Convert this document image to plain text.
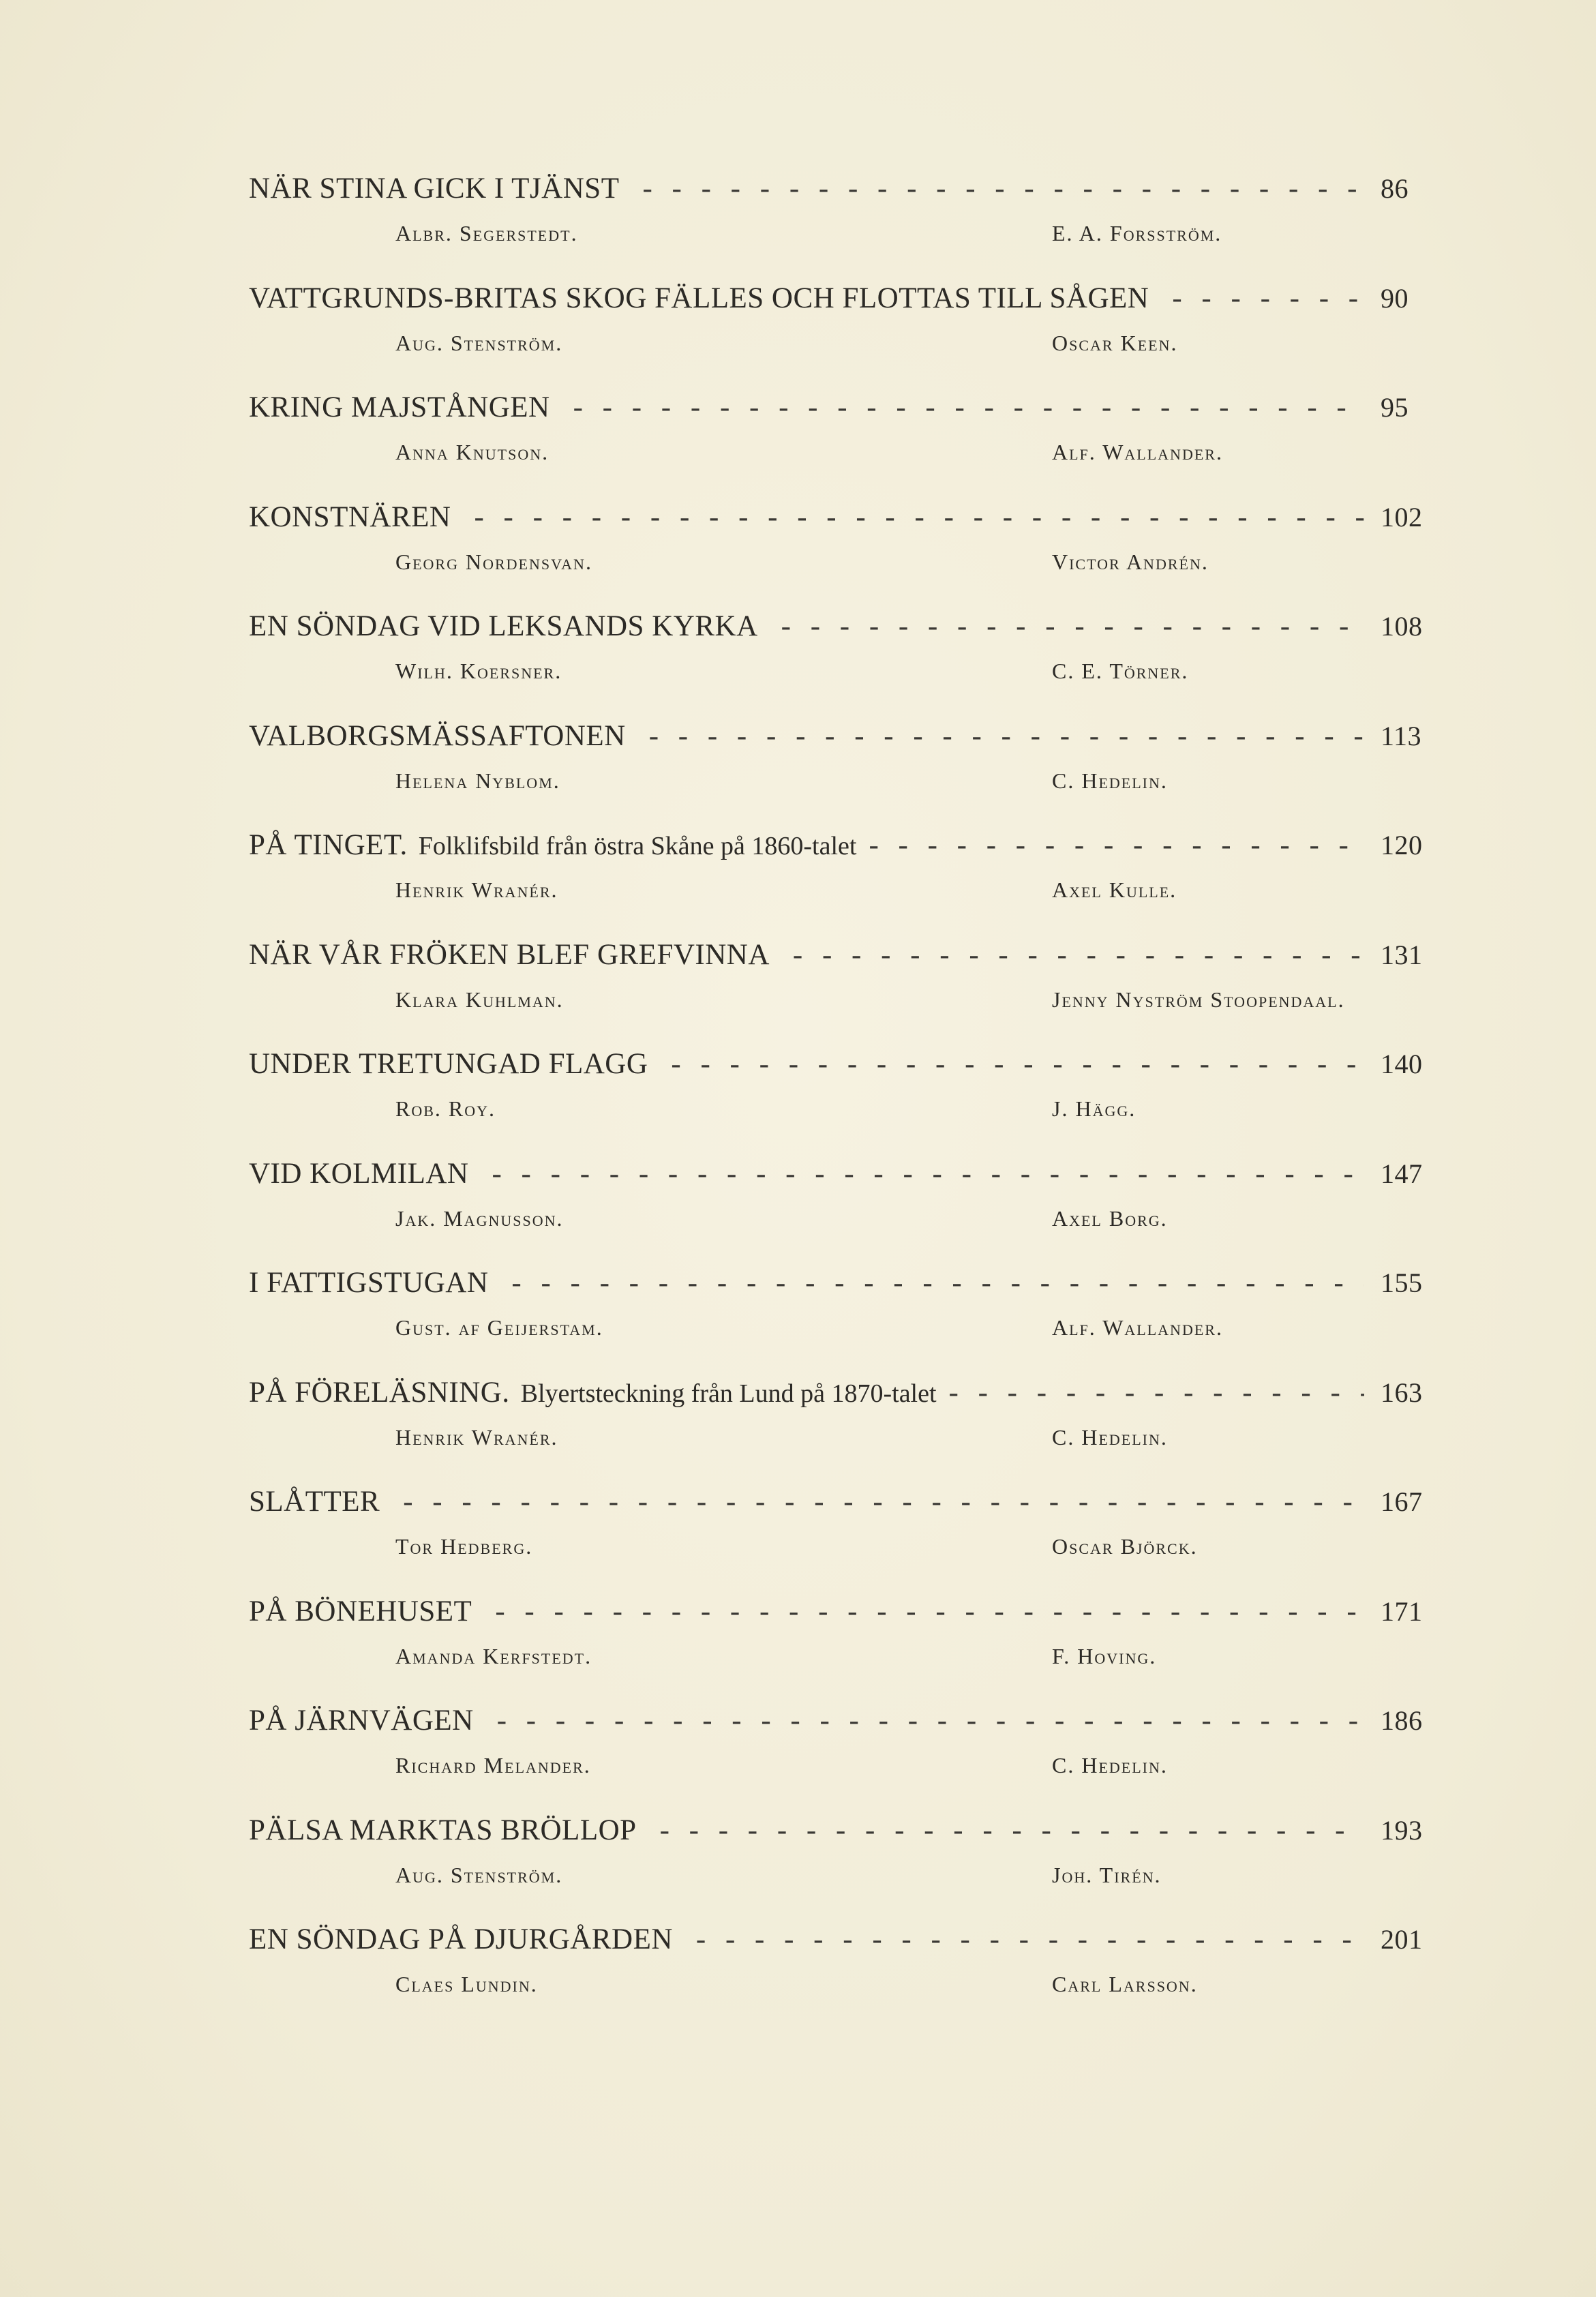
NÄR STINA GICK I TJÄNST - - -	86
Albr. Segerstedt.	E. A. Forsström.
VATTGRUNDS-BRITAS SKOG FÄLLES OCH FLOTTAS TILL SÅGEN - - -	90
Aug. Stenström.	Oscar Keen.
KRING MAJSTÅNGEN - - -	95
Anna Knutson.	Alf. Wallander.
KONSTNÄREN - - -	102
Georg Nordensvan.	Victor Andrén.
EN SÖNDAG VID LEKSANDS KYRKA - - -	108
Wilh. Koersner.	C. E. Törner.
VALBORGSMÄSSAFTONEN - - -	113
Helena Nyblom.	C. Hedelin.
PÅ TINGET. Folklifsbild från östra Skåne på 1860-talet - - -	120
Henrik Wranér.	Axel Kulle.
NÄR VÅR FRÖKEN BLEF GREFVINNA - - -	131
Klara Kuhlman.	Jenny Nyström Stoopendaal.
UNDER TRETUNGAD FLAGG - - -	140
Rob. Roy.	J. Hägg.
VID KOLMILAN - - -	147
Jak. Magnusson.	Axel Borg.
I FATTIGSTUGAN - - -	155
Gust. af Geijerstam.	Alf. Wallander.
PÅ FÖRELÄSNING. Blyertsteckning från Lund på 1870-talet - - -	163
Henrik Wranér.	C. Hedelin.
SLÅTTER - - -	167
Tor Hedberg.	Oscar Björck.
PÅ BÖNEHUSET - - -	171
Amanda Kerfstedt.	F. Hoving.
PÅ JÄRNVÄGEN - - -	186
Richard Melander.	C. Hedelin.
PÄLSA MARKTAS BRÖLLOP - - -	193
Aug. Stenström.	Joh. Tirén.
EN SÖNDAG PÅ DJURGÅRDEN - - -	201
Claes Lundin.	Carl Larsson.
